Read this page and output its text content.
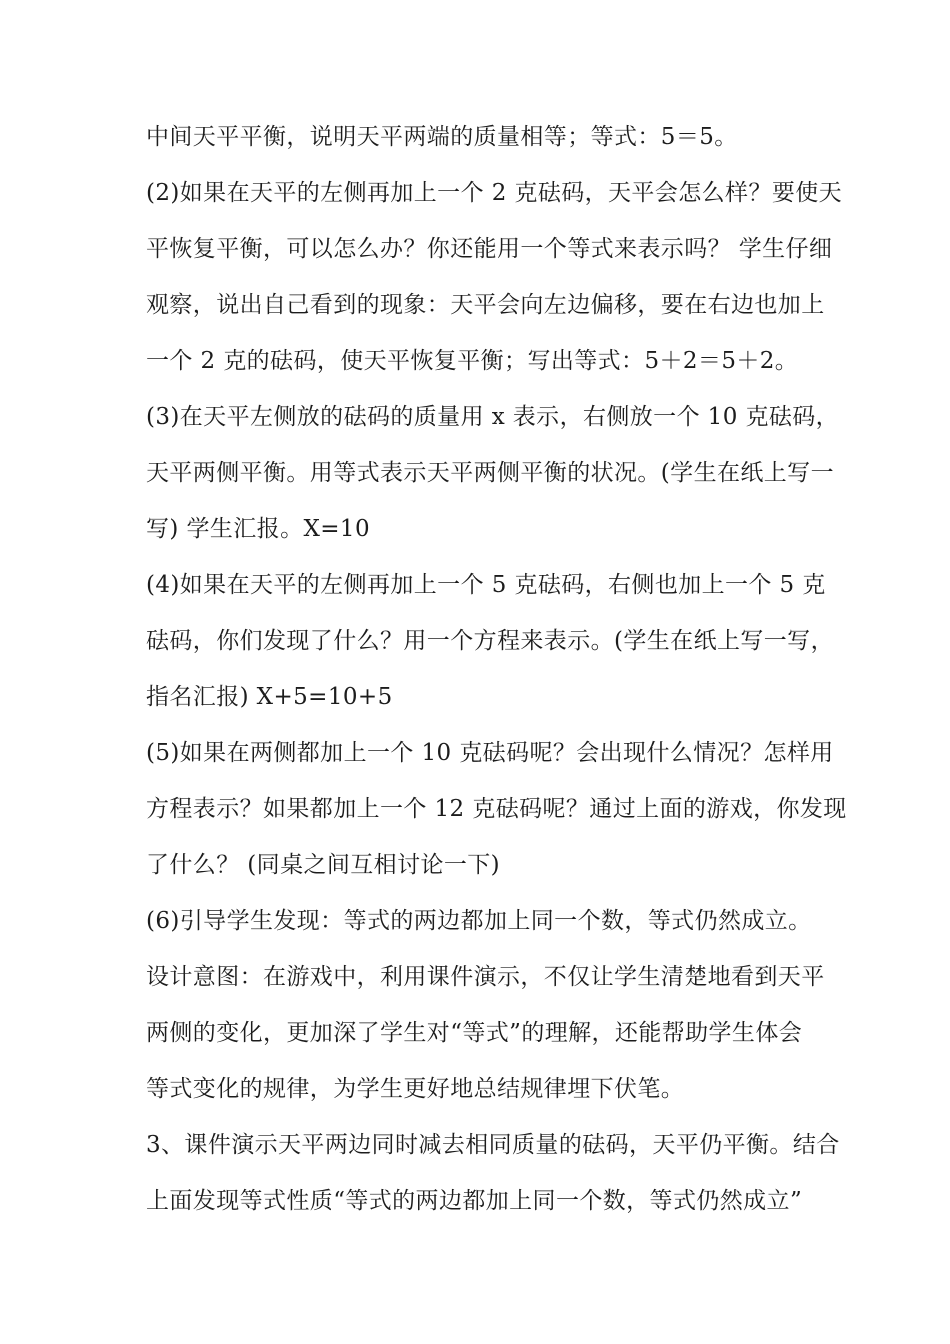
中间天平平衡，说明天平两端的质量相等；等式：5＝5。
(2)如果在天平的左侧再加上一个 2 克砝码，天平会怎么样？要使天
平恢复平衡，可以怎么办？你还能用一个等式来表示吗？ 学生仔细
观察，说出自己看到的现象：天平会向左边偏移，要在右边也加上
一个 2 克的砝码，使天平恢复平衡；写出等式：5＋2＝5＋2。
(3)在天平左侧放的砝码的质量用 x 表示，右侧放一个 10 克砝码，
天平两侧平衡。用等式表示天平两侧平衡的状况。(学生在纸上写一
写) 学生汇报。X=10
(4)如果在天平的左侧再加上一个 5 克砝码，右侧也加上一个 5 克
砝码，你们发现了什么？用一个方程来表示。(学生在纸上写一写，
指名汇报) X+5=10+5
(5)如果在两侧都加上一个 10 克砝码呢？会出现什么情况？怎样用
方程表示？如果都加上一个 12 克砝码呢？通过上面的游戏，你发现
了什么？ (同桌之间互相讨论一下)
(6)引导学生发现：等式的两边都加上同一个数，等式仍然成立。
设计意图：在游戏中，利用课件演示，不仅让学生清楚地看到天平
两侧的变化，更加深了学生对“等式”的理解，还能帮助学生体会
等式变化的规律，为学生更好地总结规律埋下伏笔。
3、课件演示天平两边同时减去相同质量的砝码，天平仍平衡。结合
上面发现等式性质“等式的两边都加上同一个数，等式仍然成立”
